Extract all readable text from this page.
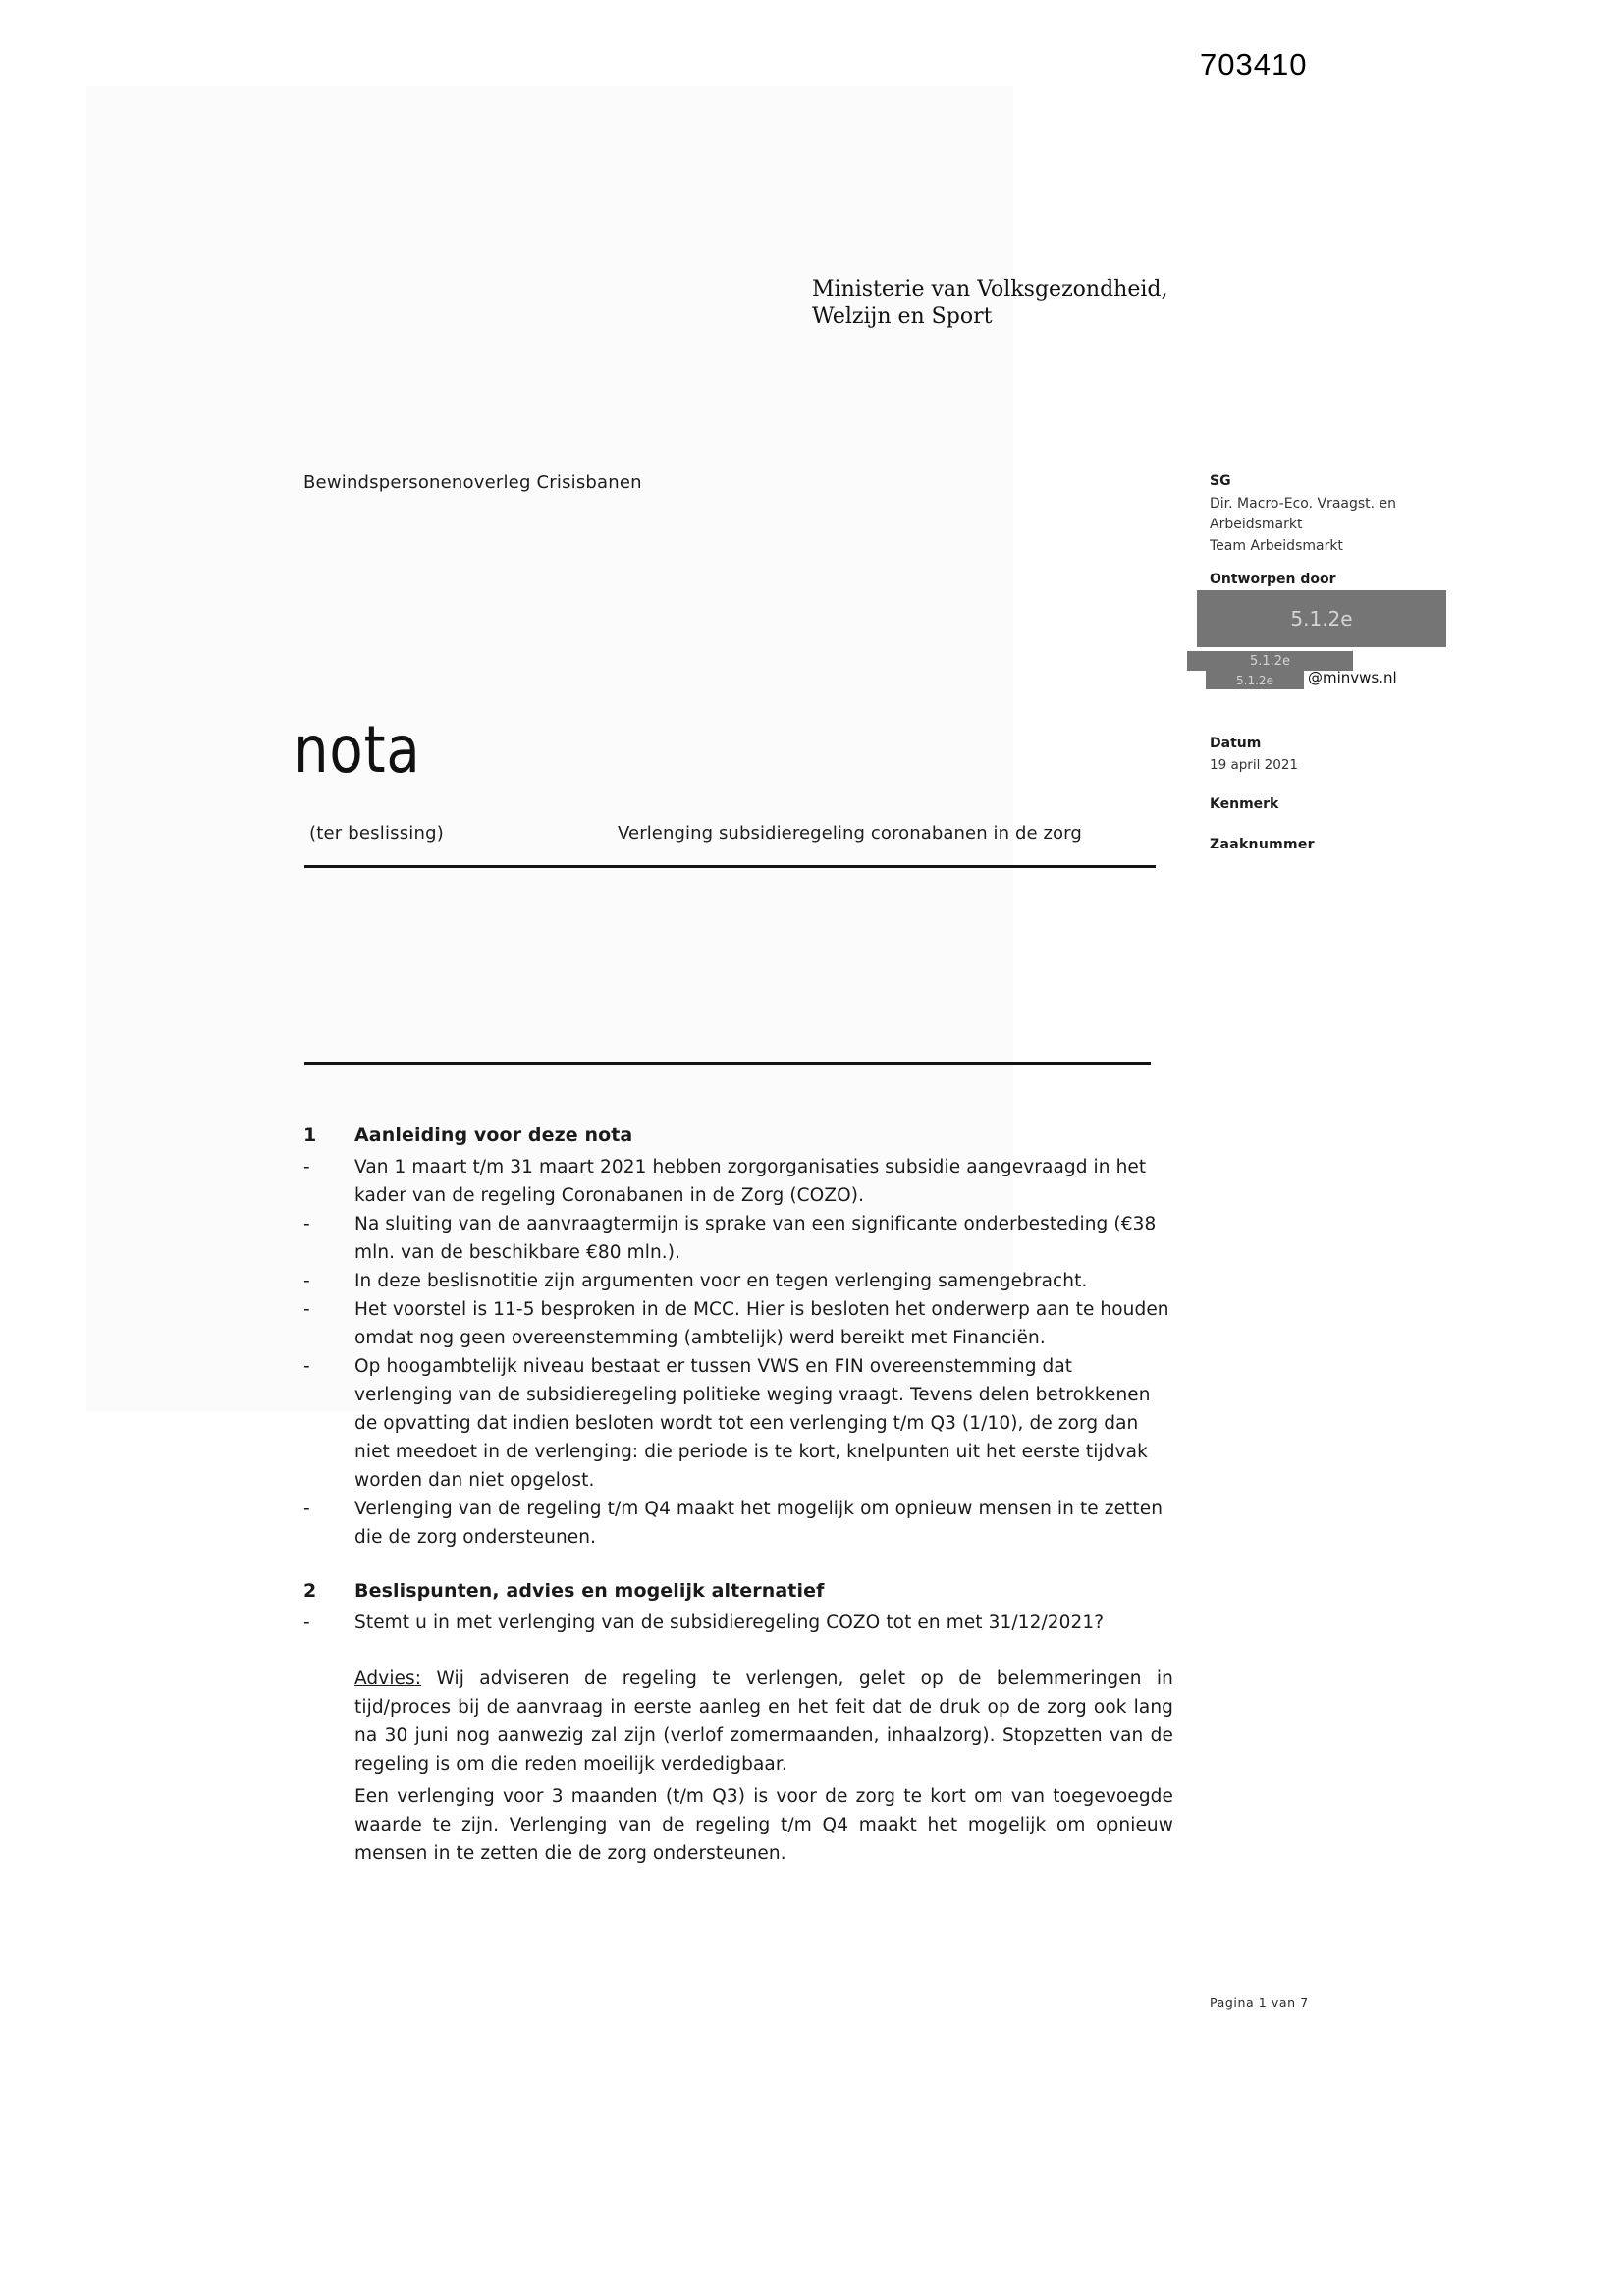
703410
Ministerie van Volksgezondheid,
Welzijn en Sport
Bewindspersonenoverleg Crisisbanen	SG
Dir. Macro-Eco. Vraagst. en Arbeidsmarkt
Team Arbeidsmarkt
Ontworpen door
5.1.2e
5.1.2e
5.1.2e	@minvws.nl
Datum
19 april 2021
Kenmerk
Zaaknummer
nota
(ter beslissing)	Verlenging subsidieregeling coronabanen in de zorg
1	Aanleiding voor deze nota
-
Van 1 maart t/m 31 maart 2021 hebben zorgorganisaties subsidie aangevraagd in het kader van de regeling Coronabanen in de Zorg (COZO).
-
Na sluiting van de aanvraagtermijn is sprake van een significante onderbesteding (€38 mln. van de beschikbare €80 mln.).
-
In deze beslisnotitie zijn argumenten voor en tegen verlenging samengebracht.
-
Het voorstel is 11-5 besproken in de MCC. Hier is besloten het onderwerp aan te houden omdat nog geen overeenstemming (ambtelijk) werd bereikt met Financiën.
-
Op hoogambtelijk niveau bestaat er tussen VWS en FIN overeenstemming dat verlenging van de subsidieregeling politieke weging vraagt. Tevens delen betrokkenen de opvatting dat indien besloten wordt tot een verlenging t/m Q3 (1/10), de zorg dan niet meedoet in de verlenging: die periode is te kort, knelpunten uit het eerste tijdvak worden dan niet opgelost.
-
Verlenging van de regeling t/m Q4 maakt het mogelijk om opnieuw mensen in te zetten die de zorg ondersteunen.
2	Beslispunten, advies en mogelijk alternatief
-
Stemt u in met verlenging van de subsidieregeling COZO tot en met 31/12/2021?

Advies: Wij adviseren de regeling te verlengen, gelet op de belemmeringen in tijd/proces bij de aanvraag in eerste aanleg en het feit dat de druk op de zorg ook lang na 30 juni nog aanwezig zal zijn (verlof zomermaanden, inhaalzorg). Stopzetten van de regeling is om die reden moeilijk verdedigbaar.

Een verlenging voor 3 maanden (t/m Q3) is voor de zorg te kort om van toegevoegde waarde te zijn. Verlenging van de regeling t/m Q4 maakt het mogelijk om opnieuw mensen in te zetten die de zorg ondersteunen.

Pagina 1 van 7
